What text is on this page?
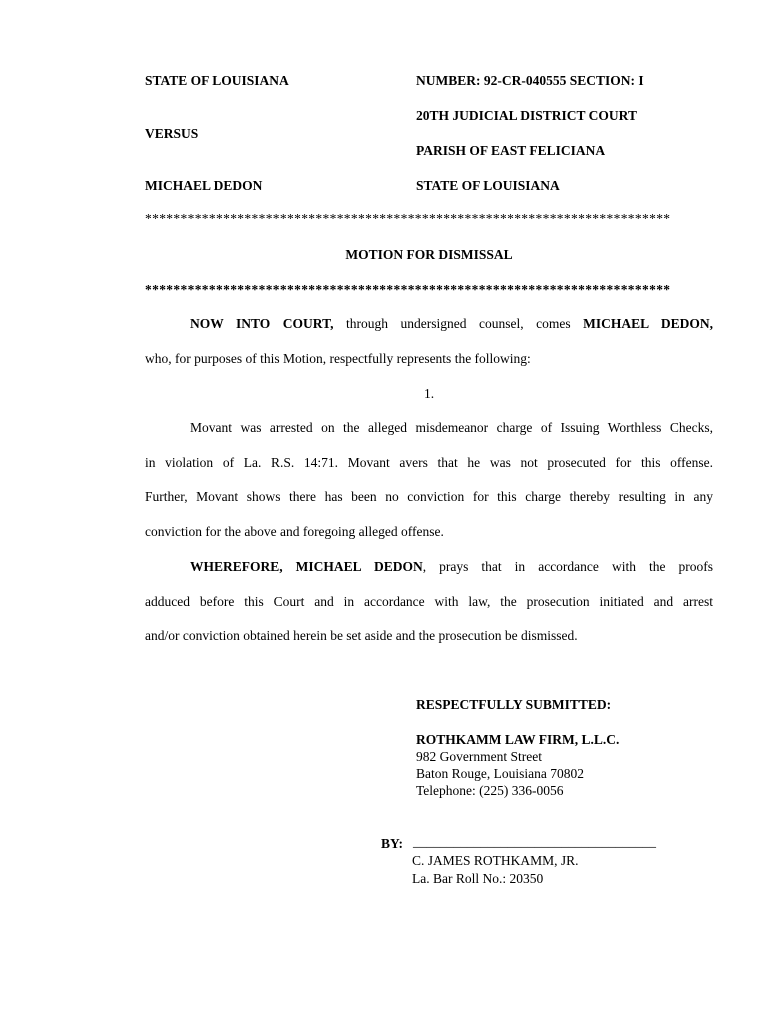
STATE OF LOUISIANA
VERSUS
MICHAEL DEDON
NUMBER: 92-CR-040555 SECTION: I
20TH JUDICIAL DISTRICT COURT
PARISH OF EAST FELICIANA
STATE OF LOUISIANA
**************************************************************************
MOTION FOR DISMISSAL
**************************************************************************
NOW INTO COURT, through undersigned counsel, comes MICHAEL DEDON,
who, for purposes of this Motion, respectfully represents the following:
1.
Movant was arrested on the alleged misdemeanor charge of Issuing Worthless Checks,
in violation of La. R.S. 14:71. Movant avers that he was not prosecuted for this offense.
Further, Movant shows there has been no conviction for this charge thereby resulting in any
conviction for the above and foregoing alleged offense.
WHEREFORE, MICHAEL DEDON, prays that in accordance with the proofs
adduced before this Court and in accordance with law, the prosecution initiated and arrest
and/or conviction obtained herein be set aside and the prosecution be dismissed.
RESPECTFULLY SUBMITTED:
ROTHKAMM LAW FIRM, L.L.C.
982 Government Street
Baton Rouge, Louisiana 70802
Telephone: (225) 336-0056
BY: ____________________________________
C. JAMES ROTHKAMM, JR.
La. Bar Roll No.: 20350
